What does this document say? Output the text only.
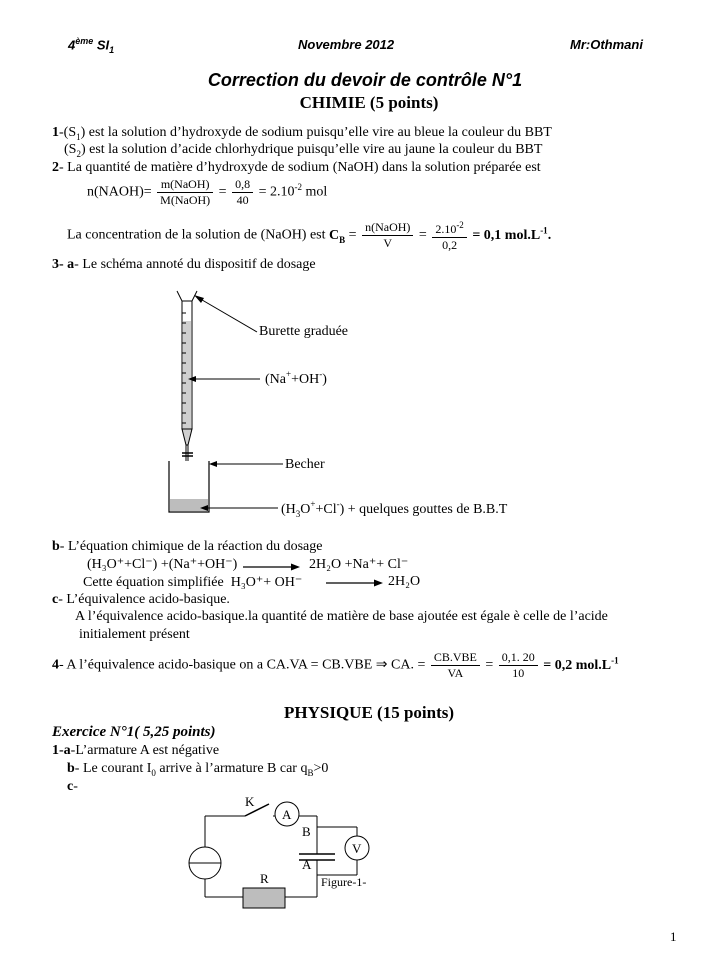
4ème $SI_1$	Novembre 2012	Mr:Othmani
Correction du devoir de contrôle N°1
CHIMIE (5 points)
$1-(S_1)$ est la solution d’hydroxyde de sodium puisqu’elle vire au bleue la couleur du BBT
$(S_2)$ est la solution d’acide chlorhydrique puisqu’elle vire au jaune la couleur du BBT
2- La quantité de matière d’hydroxyde de sodium (NaOH) dans la solution préparée est
n(NAOH)=
m(NaOH)
M(NaOH)
= $\frac{0,8}{40} = 2.10^{-2}$ mol
La concentration de la solution de (NaOH) est $C_B$ =
n(NaOH)
V
= $\frac{2.10^{-2}}{0,2} = 0,1$ $mol.L^{-1}$.
3- a- Le schéma annoté du dispositif de dosage
Burette graduée
(Na++OH-)
Becher
$(H_3O^++Cl^-)$ + quelques gouttes de B.B.T
b- L’équation chimique de la réaction du dosage
(H₃O⁺+Cl⁻) +(Na⁺+OH⁻)	2H₂O +Na⁺+ Cl⁻
Cette équation simplifiée H₃O⁺+ OH⁻	2H₂O
c- L’équivalence acido-basique.
A l’équivalence acido-basique.la quantité de matière de base ajoutée est égale è celle de l’acide
initialement présent
4- A l’équivalence acido-basique on a CA.VA = CB.VBE ⇒ CA. =
CB.VBE
VA
= $\frac{0,1. 20}{10} = 0,2$ $mol.L^{-1}$
PHYSIQUE (15 points)
Exercice N°1( 5,25 points)
1-a-L’armature A est négative
b- Le courant $I_0$ arrive à l’armature B car $q_B>0$
c-
K
A
B
A
V
R	Figure-1-
1
